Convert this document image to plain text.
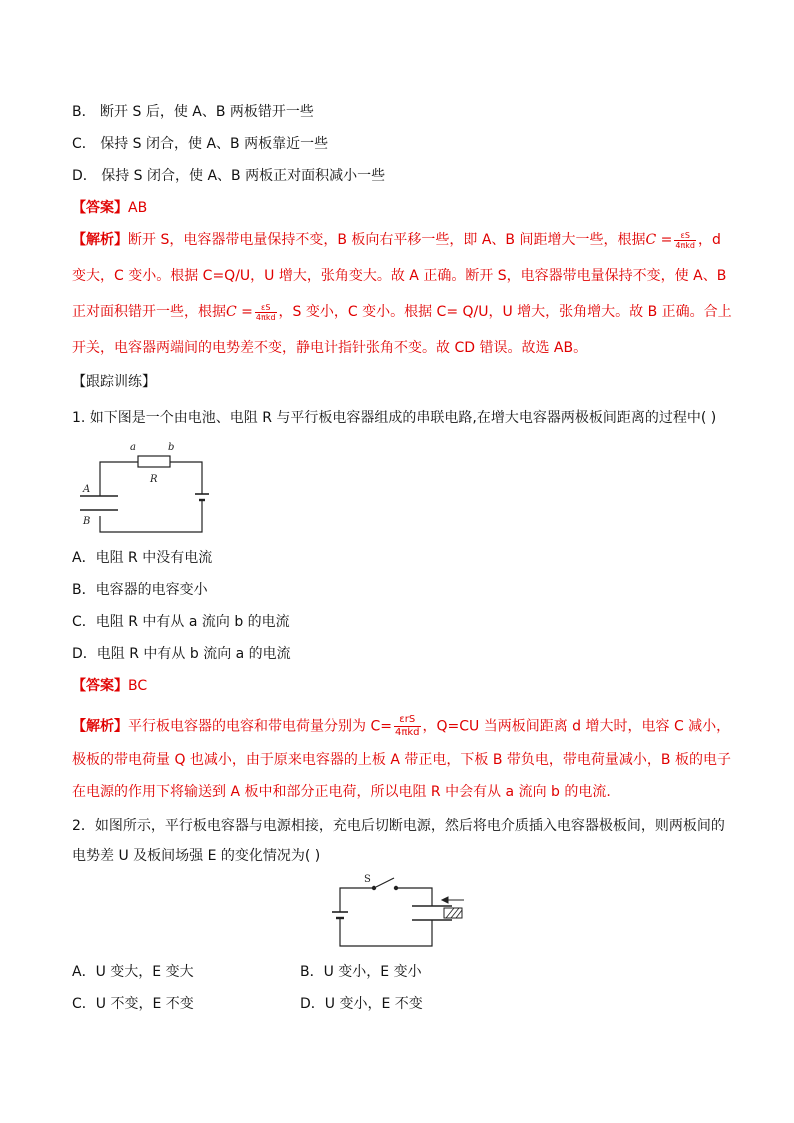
B． 断开 S 后，使 A、B 两板错开一些
C． 保持 S 闭合，使 A、B 两板靠近一些
D． 保持 S 闭合，使 A、B 两板正对面积减小一些
【答案】AB
【解析】断开 S，电容器带电量保持不变，B 板向右平移一些，即 A、B 间距增大一些，根据$C = \frac{\varepsilon S}{\text{4πkd}}$ ，d
变大，C 变小。根据 C=Q/U，U 增大，张角变大。故 A 正确。断开 S，电容器带电量保持不变，使 A、B
正对面积错开一些，根据$C = \frac{\varepsilon S}{\text{4πkd}}$ ，S 变小，C 变小。根据 C= Q/U，U 增大，张角增大。故 B 正确。合上
开关，电容器两端间的电势差不变，静电计指针张角不变。故 CD 错误。故选 AB。
【跟踪训练】
1. 如下图是一个由电池、电阻 R 与平行板电容器组成的串联电路,在增大电容器两极板间距离的过程中( )
a	b
R
A
B
A．电阻 R 中没有电流
B．电容器的电容变小
C．电阻 R 中有从 a 流向 b 的电流
D．电阻 R 中有从 b 流向 a 的电流
【答案】BC
【解析】平行板电容器的电容和带电荷量分别为 $C= \frac{\text{εrS}}{\text{4πkd}}$ ，Q=CU 当两板间距离 d 增大时，电容 C 减小，
极板的带电荷量 Q 也减小，由于原来电容器的上板 A 带正电，下板 B 带负电，带电荷量减小，B 板的电子
在电源的作用下将输送到 A 板中和部分正电荷，所以电阻 R 中会有从 a 流向 b 的电流.
2．如图所示，平行板电容器与电源相接，充电后切断电源，然后将电介质插入电容器极板间，则两板间的
电势差 U 及板间场强 E 的变化情况为( )
S
A．U 变大，E 变大	B．U 变小，E 变小
C．U 不变，E 不变	D．U 变小，E 不变
